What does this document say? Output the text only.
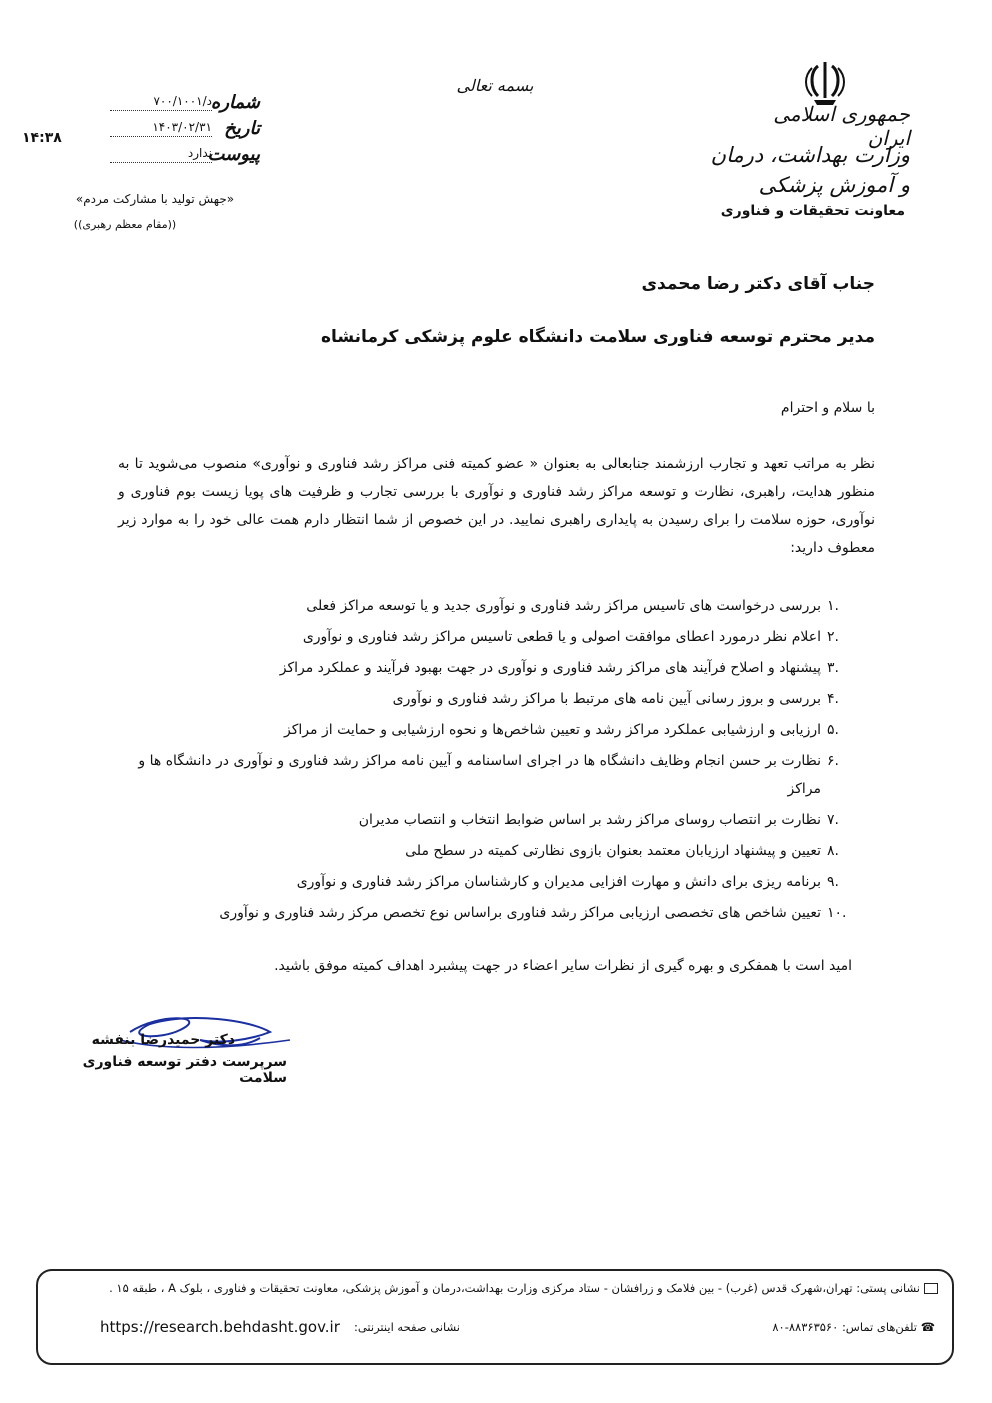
جمهوری اسلامی ایران
وزارت بهداشت، درمان و آموزش پزشکی
معاونت تحقیقات و فناوری
بسمه تعالی
۱۴:۳۸
شماره
د/۷۰۰/۱۰۰۱
تاریخ
۱۴۰۳/۰۲/۳۱
پیوست
ندارد
«جهش تولید با مشارکت مردم»
((مقام معظم رهبری))
جناب آقای دکتر رضا محمدی
مدیر محترم توسعه فناوری سلامت دانشگاه علوم پزشکی کرمانشاه
با سلام و احترام
نظر به مراتب تعهد و تجارب ارزشمند جنابعالی به بعنوان « عضو کمیته فنی مراکز رشد فناوری و نوآوری» منصوب می‌شوید تا به منظور هدایت، راهبری، نظارت و توسعه مراکز رشد فناوری و نوآوری با بررسی تجارب و ظرفیت های پویا زیست بوم فناوری و نوآوری، حوزه سلامت را برای رسیدن به پایداری راهبری نمایید. در این خصوص از شما انتظار دارم همت عالی خود را به موارد زیر معطوف دارید:
.۱
بررسی درخواست های تاسیس مراکز رشد فناوری و نوآوری جدید و یا توسعه مراکز فعلی
.۲
اعلام نظر درمورد اعطای موافقت اصولی و یا قطعی تاسیس مراکز رشد فناوری و نوآوری
.۳
پیشنهاد و اصلاح فرآیند های مراکز رشد فناوری و نوآوری در جهت بهبود فرآیند و عملکرد مراکز
.۴
بررسی و بروز رسانی آیین نامه های مرتبط با مراکز رشد فناوری و نوآوری
.۵
ارزیابی و ارزشیابی عملکرد مراکز رشد و تعیین شاخص‌ها و نحوه ارزشیابی و حمایت از مراکز
.۶
نظارت بر حسن انجام وظایف دانشگاه ها در اجرای اساسنامه و آیین نامه مراکز رشد فناوری و نوآوری در دانشگاه ها و مراکز
.۷
نظارت بر انتصاب روسای مراکز رشد بر اساس ضوابط انتخاب و انتصاب مدیران
.۸
تعیین و پیشنهاد ارزیابان معتمد بعنوان بازوی نظارتی کمیته در سطح ملی
.۹
برنامه ریزی برای دانش و مهارت افزایی مدیران و کارشناسان مراکز رشد فناوری و نوآوری
.۱۰
تعیین شاخص های تخصصی ارزیابی مراکز رشد فناوری براساس نوع تخصص مرکز رشد فناوری و نوآوری
امید است با همفکری و بهره گیری از نظرات سایر اعضاء در جهت پیشبرد اهداف کمیته موفق باشید.
دکتر حمیدرضا بنفشه
سرپرست دفتر توسعه فناوری سلامت
نشانی پستی: تهران،شهرک قدس (غرب) - بین فلامک و زرافشان - ستاد مرکزی وزارت بهداشت،درمان و آموزش پزشکی، معاونت تحقیقات و فناوری ، بلوک A ، طبقه ۱۵ .
https://research.behdasht.gov.ir نشانی صفحه اینترنتی:	☎ تلفن‌های تماس: ۸۸۳۶۳۵۶۰-۸۰
